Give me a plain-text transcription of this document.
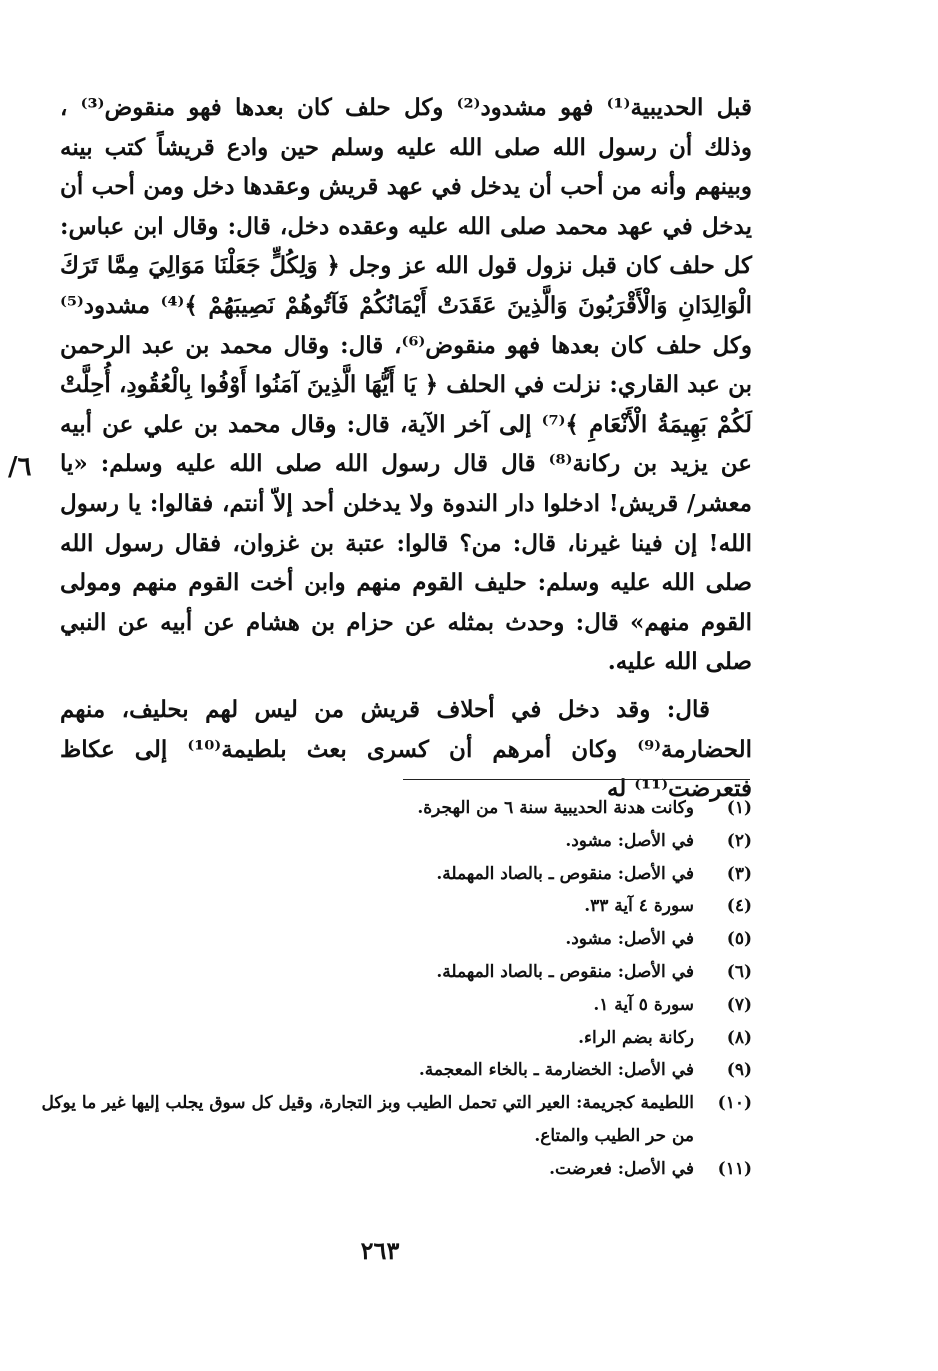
قبل الحديبية⁽¹⁾ فهو مشدود⁽²⁾ وكل حلف كان بعدها فهو منقوض⁽³⁾ ، وذلك أن رسول الله صلى الله عليه وسلم حين وادع قريشاً كتب بينه وبينهم وأنه من أحب أن يدخل في عهد قريش وعقدها دخل ومن أحب أن يدخل في عهد محمد صلى الله عليه وعقده دخل، قال: وقال ابن عباس: كل حلف كان قبل نزول قول الله عز وجل ﴿ وَلِكُلٍّ جَعَلْنَا مَوَالِيَ مِمَّا تَرَكَ الْوَالِدَانِ وَالْأَقْرَبُونَ وَالَّذِينَ عَقَدَتْ أَيْمَانُكُمْ فَآتُوهُمْ نَصِيبَهُمْ ﴾⁽⁴⁾ مشدود⁽⁵⁾ وكل حلف كان بعدها فهو منقوض⁽⁶⁾، قال: وقال محمد بن عبد الرحمن بن عبد القاري: نزلت في الحلف ﴿ يَا أَيُّهَا الَّذِينَ آمَنُوا أَوْفُوا بِالْعُقُودِ، أُحِلَّتْ لَكُمْ بَهِيمَةُ الْأَنْعَامِ ﴾⁽⁷⁾ إلى آخر الآية، قال: وقال محمد بن علي عن أبيه عن يزيد بن ركانة⁽⁸⁾ قال قال رسول الله صلى الله عليه وسلم: «يا معشر/ قريش! ادخلوا دار الندوة ولا يدخلن أحد إلاّ أنتم، فقالوا: يا رسول الله! إن فينا غيرنا، قال: من؟ قالوا: عتبة بن غزوان، فقال رسول الله صلى الله عليه وسلم: حليف القوم منهم وابن أخت القوم منهم ومولى القوم منهم» قال: وحدث بمثله عن حزام بن هشام عن أبيه عن النبي صلى الله عليه.

قال: وقد دخل في أحلاف قريش من ليس لهم بحليف، منهم الحضارمة⁽⁹⁾ وكان أمرهم أن كسرى بعث بلطيمة⁽¹⁰⁾ إلى عكاظ فتعرضت⁽¹¹⁾ له

٦/
(١)
وكانت هدنة الحديبية سنة ٦ من الهجرة.
(٢)
في الأصل: مشود.
(٣)
في الأصل: منقوص ـ بالصاد المهملة.
(٤)
سورة ٤ آية ٣٣.
(٥)
في الأصل: مشود.
(٦)
في الأصل: منقوص ـ بالصاد المهملة.
(٧)
سورة ٥ آية ١.
(٨)
ركانة بضم الراء.
(٩)
في الأصل: الخضارمة ـ بالخاء المعجمة.
(١٠)
اللطيمة كجريمة: العير التي تحمل الطيب وبز التجارة، وقيل كل سوق يجلب إليها غير ما يوكل من حر الطيب والمتاع.
(١١)
في الأصل: فعرضت.
٢٦٣
